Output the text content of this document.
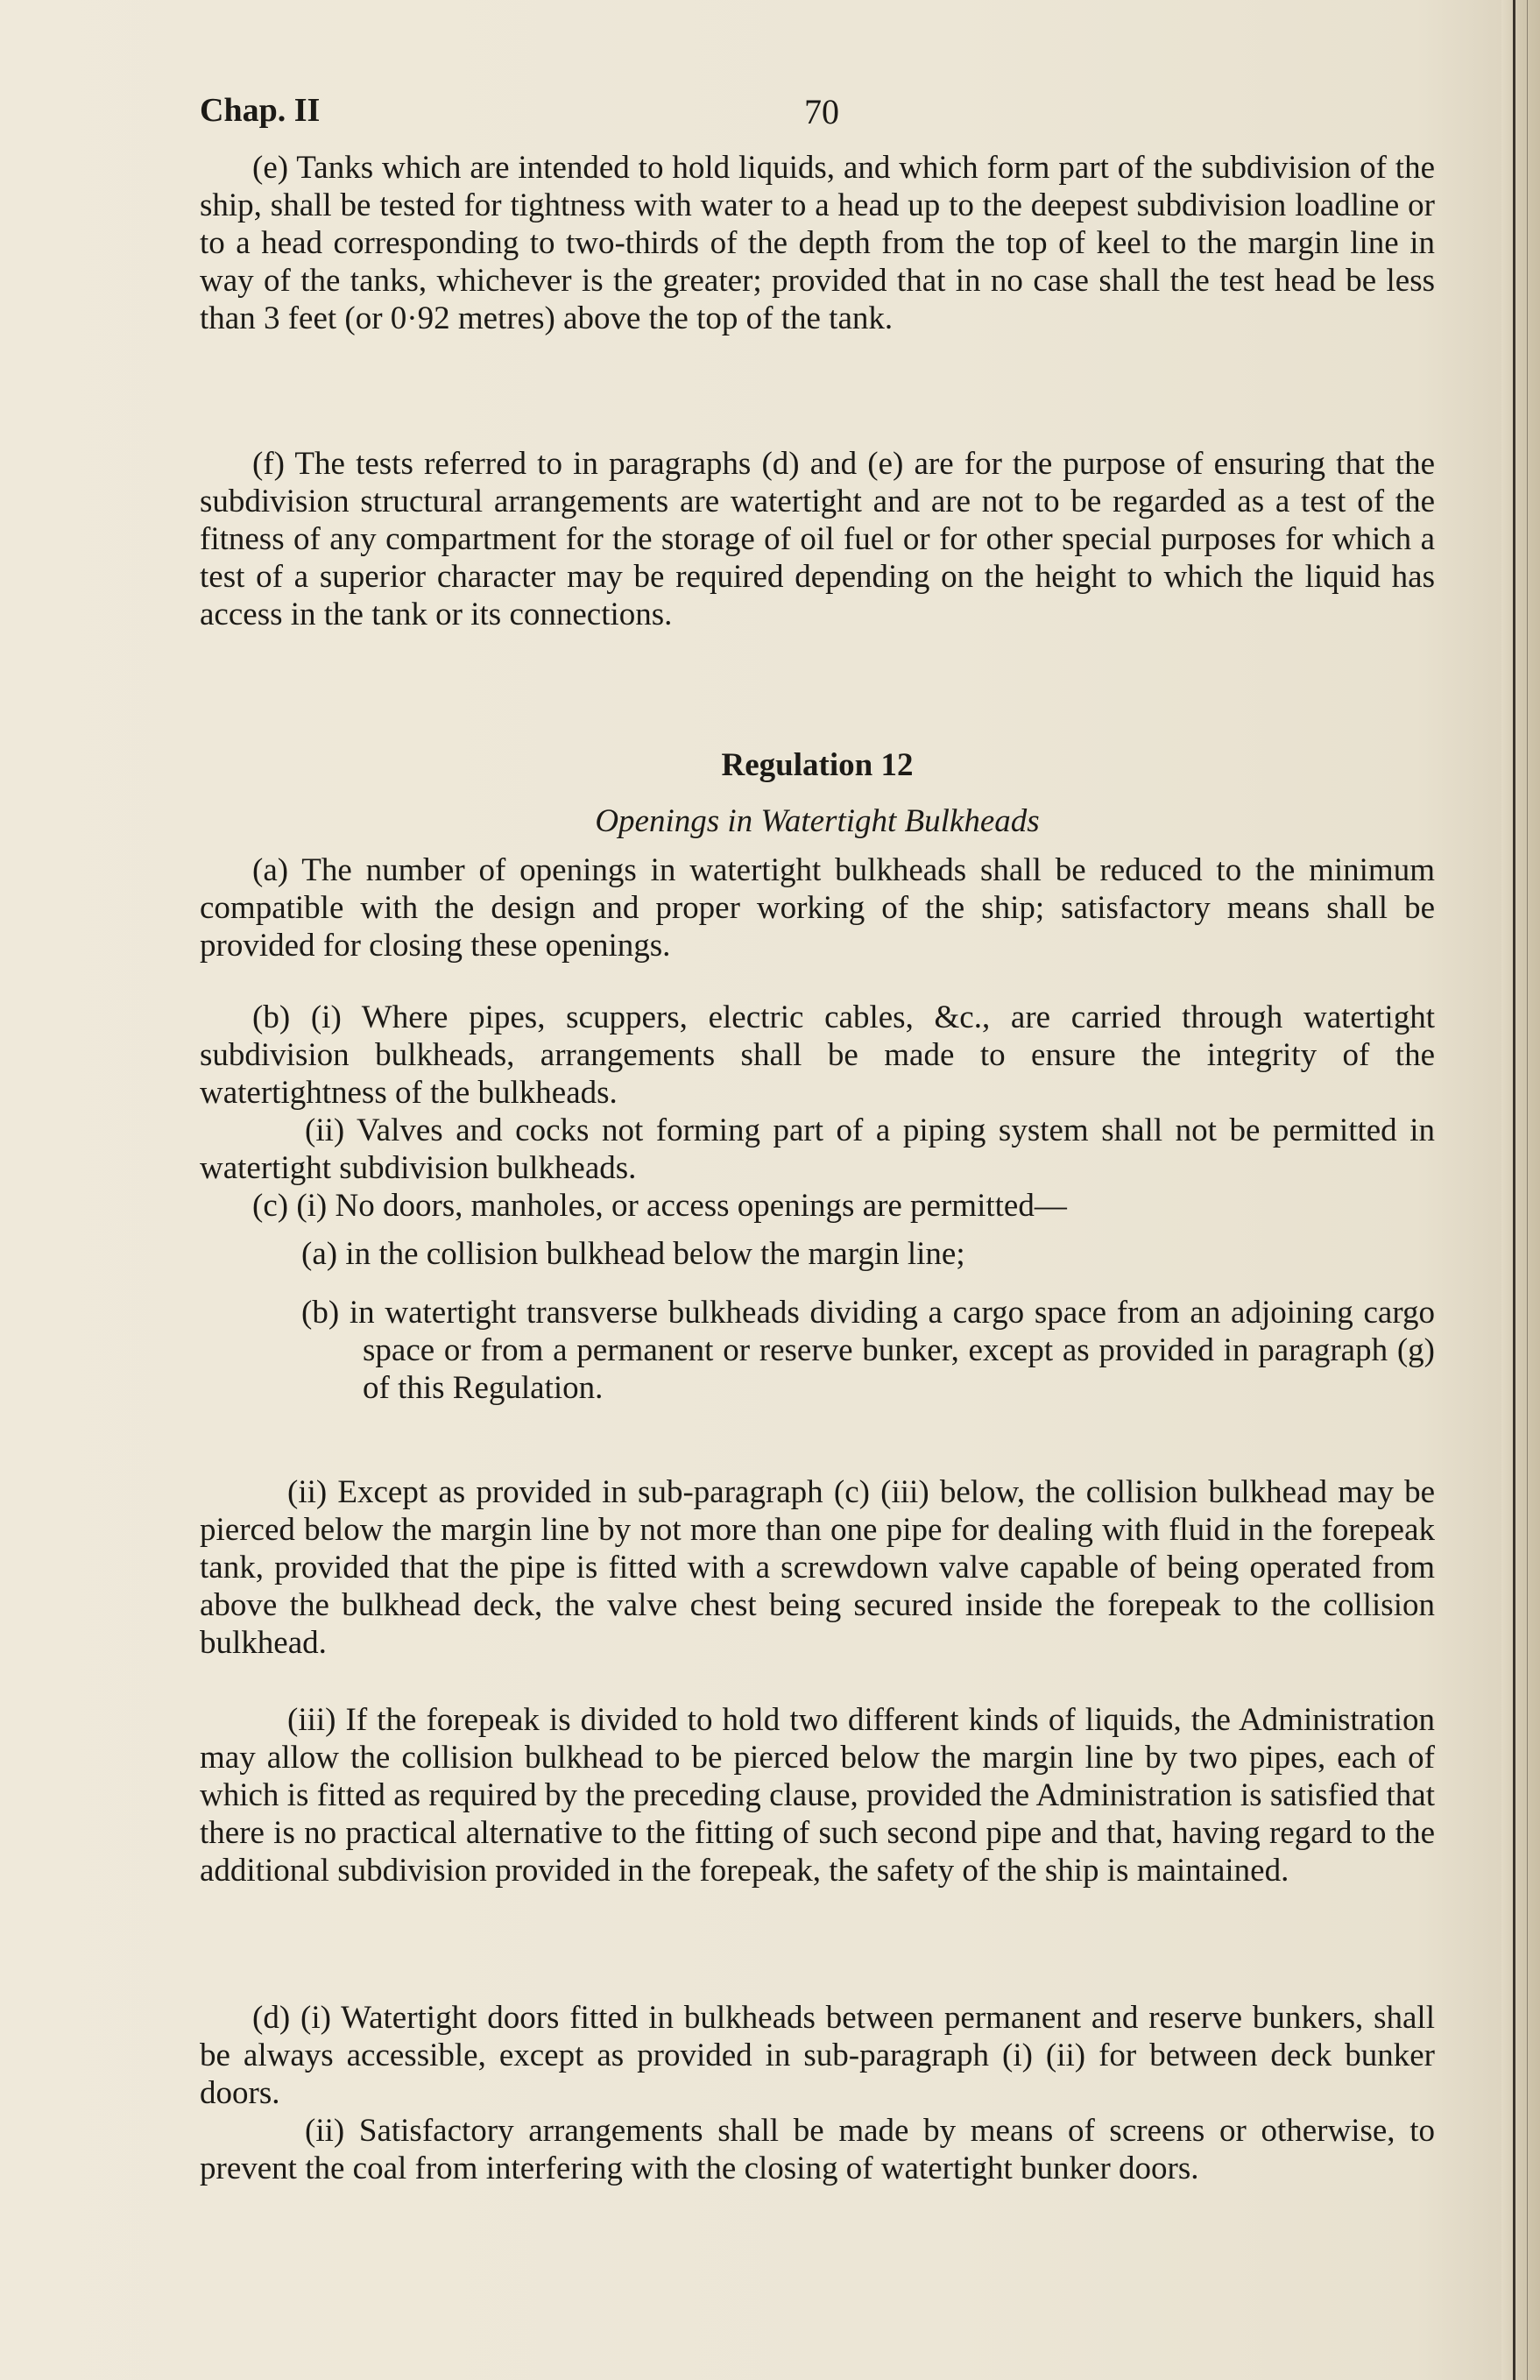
Chap. II	70

(e) Tanks which are intended to hold liquids, and which form part of the subdivision of the ship, shall be tested for tightness with water to a head up to the deepest subdivision loadline or to a head corresponding to two-thirds of the depth from the top of keel to the margin line in way of the tanks, whichever is the greater; provided that in no case shall the test head be less than 3 feet (or 0·92 metres) above the top of the tank.

(f) The tests referred to in paragraphs (d) and (e) are for the purpose of ensuring that the subdivision structural arrangements are watertight and are not to be regarded as a test of the fitness of any compartment for the storage of oil fuel or for other special purposes for which a test of a superior character may be required depending on the height to which the liquid has access in the tank or its connections.

Regulation 12
Openings in Watertight Bulkheads

(a) The number of openings in watertight bulkheads shall be reduced to the minimum compatible with the design and proper working of the ship; satisfactory means shall be provided for closing these openings.

(b) (i) Where pipes, scuppers, electric cables, &c., are carried through watertight subdivision bulkheads, arrangements shall be made to ensure the integrity of the watertightness of the bulkheads.

(ii) Valves and cocks not forming part of a piping system shall not be permitted in watertight subdivision bulkheads.

(c) (i) No doors, manholes, or access openings are permitted—

(a) in the collision bulkhead below the margin line;

(b) in watertight transverse bulkheads dividing a cargo space from an adjoining cargo space or from a permanent or reserve bunker, except as provided in paragraph (g) of this Regulation.

(ii) Except as provided in sub-paragraph (c) (iii) below, the collision bulkhead may be pierced below the margin line by not more than one pipe for dealing with fluid in the forepeak tank, provided that the pipe is fitted with a screwdown valve capable of being operated from above the bulkhead deck, the valve chest being secured inside the forepeak to the collision bulkhead.

(iii) If the forepeak is divided to hold two different kinds of liquids, the Administration may allow the collision bulkhead to be pierced below the margin line by two pipes, each of which is fitted as required by the preceding clause, provided the Administration is satisfied that there is no practical alternative to the fitting of such second pipe and that, having regard to the additional subdivision provided in the forepeak, the safety of the ship is maintained.

(d) (i) Watertight doors fitted in bulkheads between permanent and reserve bunkers, shall be always accessible, except as provided in sub-paragraph (i) (ii) for between deck bunker doors.

(ii) Satisfactory arrangements shall be made by means of screens or otherwise, to prevent the coal from interfering with the closing of watertight bunker doors.
